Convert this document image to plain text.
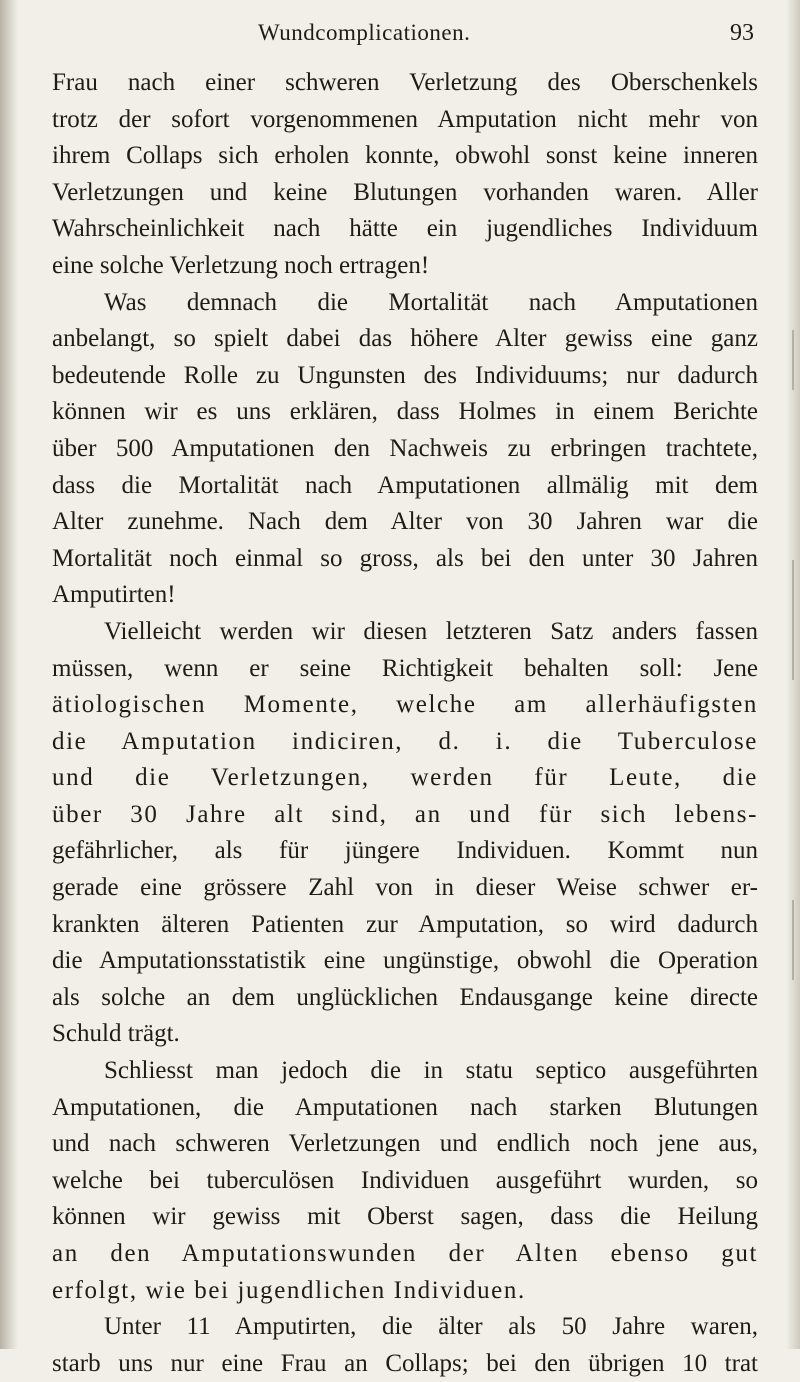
Wundcomplicationen.	93
Frau nach einer schweren Verletzung des Oberschenkels
trotz der sofort vorgenommenen Amputation nicht mehr von
ihrem Collaps sich erholen konnte, obwohl sonst keine inneren
Verletzungen und keine Blutungen vorhanden waren. Aller
Wahrscheinlichkeit nach hätte ein jugendliches Individuum
eine solche Verletzung noch ertragen!
Was demnach die Mortalität nach Amputationen
anbelangt, so spielt dabei das höhere Alter gewiss eine ganz
bedeutende Rolle zu Ungunsten des Individuums; nur dadurch
können wir es uns erklären, dass Holmes in einem Berichte
über 500 Amputationen den Nachweis zu erbringen trachtete,
dass die Mortalität nach Amputationen allmälig mit dem
Alter zunehme. Nach dem Alter von 30 Jahren war die
Mortalität noch einmal so gross, als bei den unter 30 Jahren
Amputirten!
Vielleicht werden wir diesen letzteren Satz anders fassen
müssen, wenn er seine Richtigkeit behalten soll: Jene
ätiologischen Momente, welche am allerhäufigsten
die Amputation indiciren, d. i. die Tuberculose
und die Verletzungen, werden für Leute, die
über 30 Jahre alt sind, an und für sich lebens-
gefährlicher, als für jüngere Individuen. Kommt nun
gerade eine grössere Zahl von in dieser Weise schwer er-
krankten älteren Patienten zur Amputation, so wird dadurch
die Amputationsstatistik eine ungünstige, obwohl die Operation
als solche an dem unglücklichen Endausgange keine directe
Schuld trägt.
Schliesst man jedoch die in statu septico ausgeführten
Amputationen, die Amputationen nach starken Blutungen
und nach schweren Verletzungen und endlich noch jene aus,
welche bei tuberculösen Individuen ausgeführt wurden, so
können wir gewiss mit Oberst sagen, dass die Heilung
an den Amputationswunden der Alten ebenso gut
erfolgt, wie bei jugendlichen Individuen.
Unter 11 Amputirten, die älter als 50 Jahre waren,
starb uns nur eine Frau an Collaps; bei den übrigen 10 trat
